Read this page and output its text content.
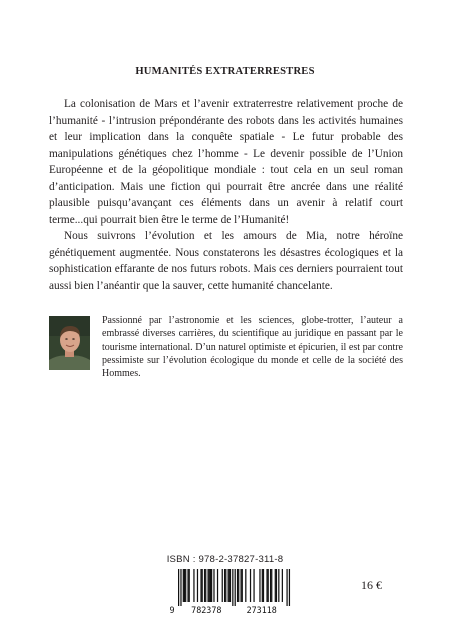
HUMANITÉS EXTRATERRESTRES

La colonisation de Mars et l’avenir extraterrestre relativement proche de l’humanité - l’intrusion prépondérante des robots dans les activités humaines et leur implication dans la conquête spatiale - Le futur probable des manipulations génétiques chez l’homme - Le devenir possible de l’Union Européenne et de la géopolitique mondiale : tout cela en un seul roman d’anticipation. Mais une fiction qui pourrait être ancrée dans une réalité plausible puisqu’avançant ces éléments dans un avenir à relatif court terme...qui pourrait bien être le terme de l’Humanité!

Nous suivrons l’évolution et les amours de Mia, notre héroïne génétiquement augmentée. Nous constaterons les désastres écologiques et la sophistication effarante de nos futurs robots. Mais ces derniers pourraient tout aussi bien l’anéantir que la sauver, cette humanité chancelante.

Passionné par l’astronomie et les sciences, globe-trotter, l’auteur a embrassé diverses carrières, du scientifique au juridique en passant par le tourisme international. D’un naturel optimiste et épicurien, il est par contre pessimiste sur l’évolution écologique du monde et celle de la société des Hommes.
ISBN : 978-2-37827-311-8
9 782378	273118
16 €
